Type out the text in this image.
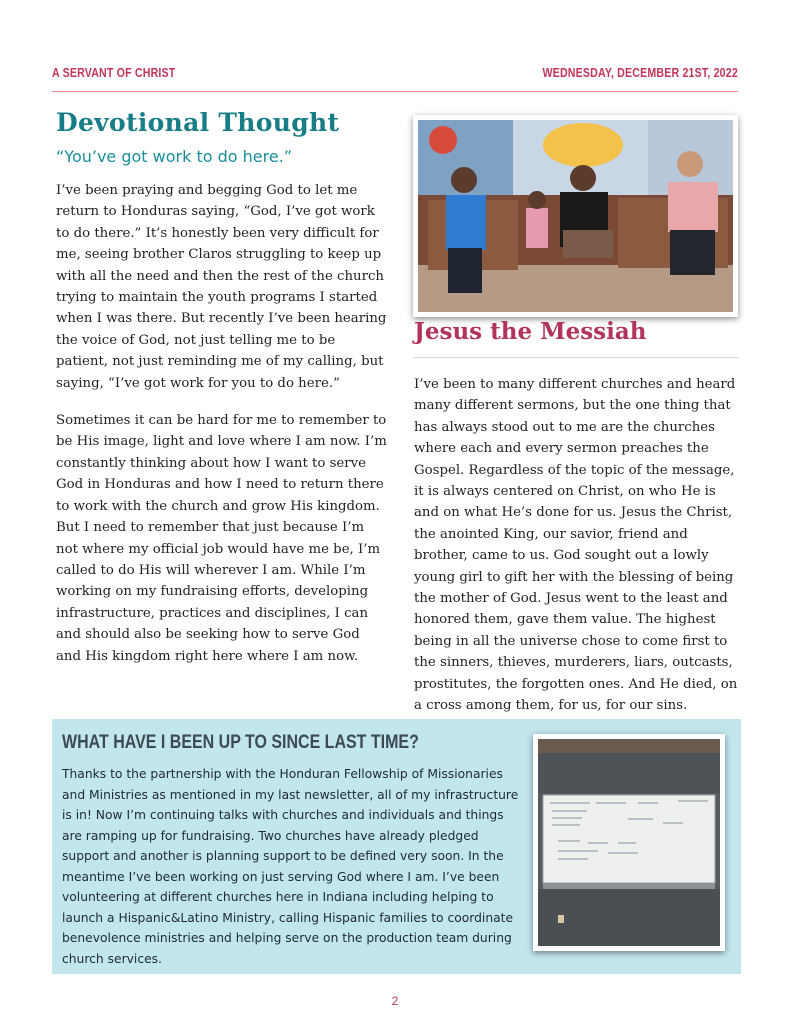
A SERVANT OF CHRIST	WEDNESDAY, DECEMBER 21ST, 2022
Devotional Thought
“You’ve got work to do here.”

I’ve been praying and begging God to let me return to Honduras saying, “God, I’ve got work to do there.” It’s honestly been very difficult for me, seeing brother Claros struggling to keep up with all the need and then the rest of the church trying to maintain the youth programs I started when I was there. But recently I’ve been hearing the voice of God, not just telling me to be patient, not just reminding me of my calling, but saying, “I’ve got work for you to do here.”

Sometimes it can be hard for me to remember to be His image, light and love where I am now. I’m constantly thinking about how I want to serve God in Honduras and how I need to return there to work with the church and grow His kingdom. But I need to remember that just because I’m not where my official job would have me be, I’m called to do His will wherever I am. While I’m working on my fundraising efforts, developing infrastructure, practices and disciplines, I can and should also be seeking how to serve God and His kingdom right here where I am now.

Jesus the Messiah

I’ve been to many different churches and heard many different sermons, but the one thing that has always stood out to me are the churches where each and every sermon preaches the Gospel. Regardless of the topic of the message, it is always centered on Christ, on who He is and on what He’s done for us. Jesus the Christ, the anointed King, our savior, friend and brother, came to us. God sought out a lowly young girl to gift her with the blessing of being the mother of God. Jesus went to the least and honored them, gave them value. The highest being in all the universe chose to come first to the sinners, thieves, murderers, liars, outcasts, prostitutes, the forgotten ones. And He died, on a cross among them, for us, for our sins.

WHAT HAVE I BEEN UP TO SINCE LAST TIME?

Thanks to the partnership with the Honduran Fellowship of Missionaries and Ministries as mentioned in my last newsletter, all of my infrastructure is in! Now I’m continuing talks with churches and individuals and things are ramping up for fundraising. Two churches have already pledged support and another is planning support to be defined very soon. In the meantime I’ve been working on just serving God where I am. I’ve been volunteering at different churches here in Indiana including helping to launch a Hispanic&Latino Ministry, calling Hispanic families to coordinate benevolence ministries and helping serve on the production team during church services.

2
